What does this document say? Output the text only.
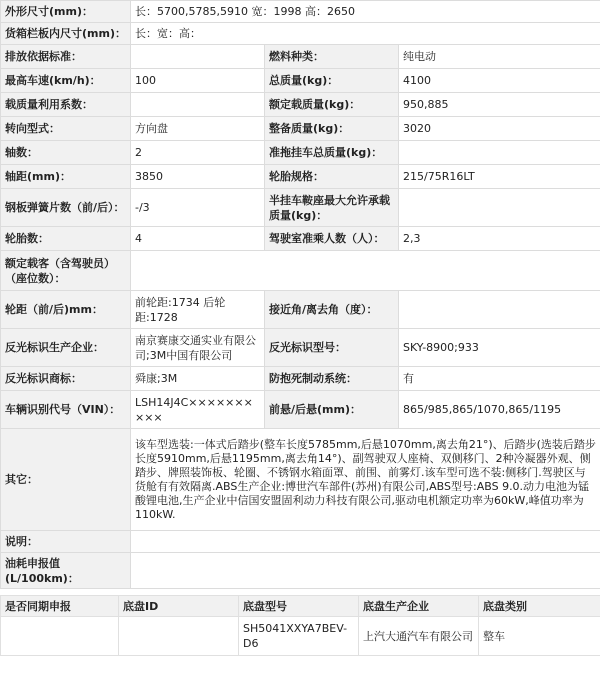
外形尺寸(mm)：	长：5700,5785,5910 宽：1998 高：2650		
货箱栏板内尺寸(mm)：	长：宽：高：		
排放依据标准：		燃料种类：	纯电动
最高车速(km/h)：	100	总质量(kg)：	4100
载质量利用系数：		额定载质量(kg)：	950,885
转向型式：	方向盘	整备质量(kg)：	3020
轴数：	2	准拖挂车总质量(kg)：	
轴距(mm)：	3850	轮胎规格：	215/75R16LT
钢板弹簧片数（前/后）：	-/3	半挂车鞍座最大允许承载质量(kg)：	
轮胎数：	4	驾驶室准乘人数（人）：	2,3
额定载客（含驾驶员）（座位数）：			
轮距（前/后)mm：	前轮距:1734 后轮距:1728	接近角/离去角（度）：	
反光标识生产企业：	南京赛康交通实业有限公司;3M中国有限公司	反光标识型号：	SKY-8900;933
反光标识商标：	舜康;3M	防抱死制动系统：	有
车辆识别代号（VIN）：	LSH14J4C××××××××××	前悬/后悬(mm)：	865/985,865/1070,865/1195
其它：	该车型选装:一体式后踏步(整车长度5785mm,后悬1070mm,离去角21°)、后踏步(选装后踏步长度5910mm,后悬1195mm,离去角14°)、副驾驶双人座椅、双侧移门、2种冷凝器外观、侧踏步、牌照装饰板、轮圈、不锈钢水箱面罩、前围、前雾灯.该车型可选不装:侧移门.驾驶区与货舱有有效隔离.ABS生产企业:博世汽车部件(苏州)有限公司,ABS型号:ABS 9.0.动力电池为锰酸锂电池,生产企业中信国安盟固利动力科技有限公司,驱动电机额定功率为60kW,峰值功率为110kW.		
说明：			
油耗申报值(L/100km)：			
是否同期申报	底盘ID	底盘型号	底盘生产企业	底盘类别
		SH5041XXYA7BEV-D6	上汽大通汽车有限公司	整车
